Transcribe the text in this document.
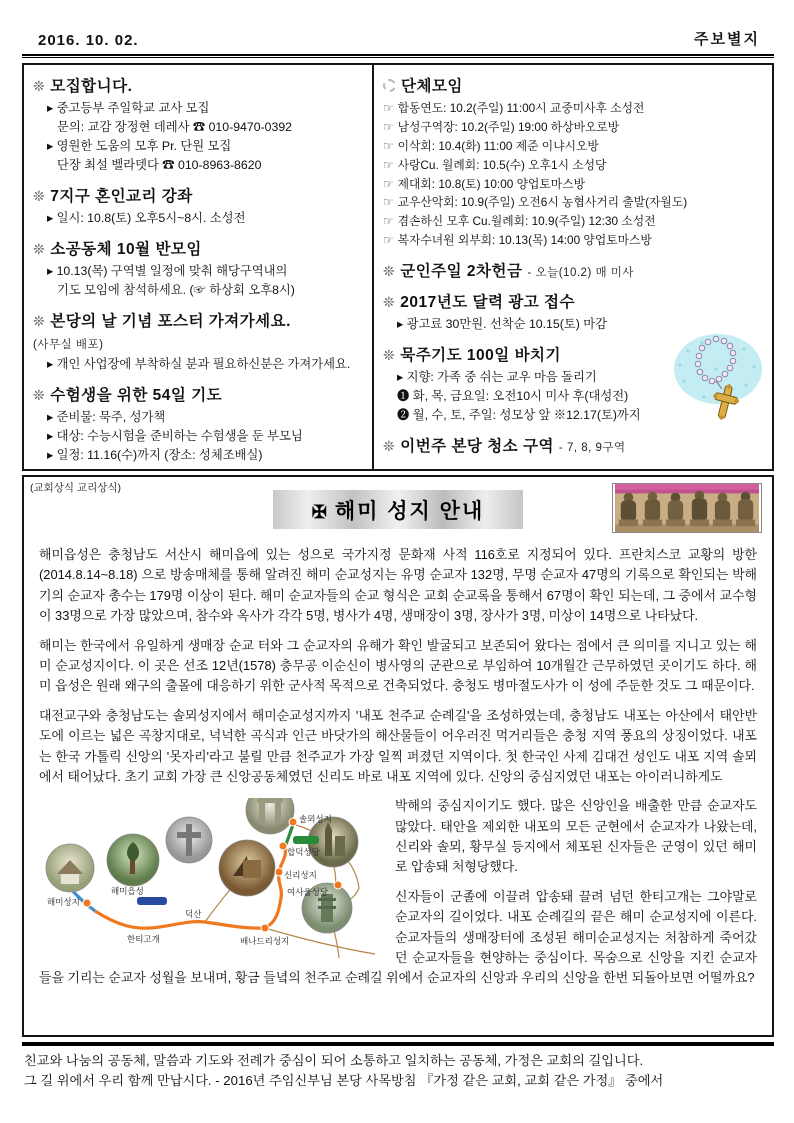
2016. 10. 02.	주보별지
❊ 모집합니다.
▸ 중고등부 주일학교 교사 모집
문의: 교감 장정현 데레사 ☎ 010-9470-0392
▸ 영원한 도움의 모후 Pr. 단원 모집
단장 최설 벨라뎃다 ☎ 010-8963-8620
❊ 7지구 혼인교리 강좌
▸ 일시: 10.8(토) 오후5시~8시. 소성전
❊ 소공동체 10월 반모임
▸ 10.13(목) 구역별 일정에 맞춰 해당구역내의
기도 모임에 참석하세요. (☞ 하상회 오후8시)
❊ 본당의 날 기념 포스터 가져가세요.
(사무실 배포)
▸ 개인 사업장에 부착하실 분과 필요하신분은 가져가세요.
❊ 수험생을 위한 54일 기도
▸ 준비물: 묵주, 성가책
▸ 대상: 수능시험을 준비하는 수험생을 둔 부모님
▸ 일정: 11.16(수)까지 (장소: 성체조배실)
단체모임
☞ 합동연도: 10.2(주일) 11:00시 교중미사후 소성전
☞ 남성구역장: 10.2(주일) 19:00 하상바오로방
☞ 이삭회: 10.4(화) 11:00 제준 이냐시오방
☞ 사랑Cu. 월례회: 10.5(수) 오후1시 소성당
☞ 제대회: 10.8(토) 10:00 양업토마스방
☞ 교우산악회: 10.9(주일) 오전6시 농협사거리 출발(자월도)
☞ 겸손하신 모후 Cu.월례회: 10.9(주일) 12:30 소성전
☞ 복자수녀원 외부회: 10.13(목) 14:00 양업토마스방
❊ 군인주일 2차헌금 - 오늘(10.2) 매 미사
❊ 2017년도 달력 광고 접수
▸ 광고료 30만원. 선착순 10.15(토) 마감
❊ 묵주기도 100일 바치기
▸ 지향: 가족 중 쉬는 교우 마음 돌리기
❶ 화, 목, 금요일: 오전10시 미사 후(대성전)
❷ 월, 수, 토, 주일: 성모상 앞 ※12.17(토)까지
❊ 이번주 본당 청소 구역 - 7, 8, 9구역
(교회상식 교리상식)
✠ 해미 성지 안내

해미읍성은 충청남도 서산시 해미읍에 있는 성으로 국가지정 문화재 사적 116호로 지정되어 있다. 프란치스코 교황의 방한(2014.8.14~8.18) 으로 방송매체를 통해 알려진 해미 순교성지는 유명 순교자 132명, 무명 순교자 47명의 기록으로 확인되는 박해기의 순교자 총수는 179명 이상이 된다. 해미 순교자들의 순교 형식은 교회 순교록을 통해서 67명이 확인 되는데, 그 중에서 교수형이 33명으로 가장 많았으며, 참수와 옥사가 각각 5명, 병사가 4명, 생매장이 3명, 장사가 3명, 미상이 14명으로 나타났다.

해미는 한국에서 유일하게 생매장 순교 터와 그 순교자의 유해가 확인 발굴되고 보존되어 왔다는 점에서 큰 의미를 지니고 있는 해미 순교성지이다. 이 곳은 선조 12년(1578) 충무공 이순신이 병사영의 군관으로 부임하여 10개월간 근무하였던 곳이기도 하다. 해미 읍성은 원래 왜구의 출몰에 대응하기 위한 군사적 목적으로 건축되었다. 충청도 병마절도사가 이 성에 주둔한 것도 그 때문이다.

대전교구와 충청남도는 솔뫼성지에서 해미순교성지까지 '내포 천주교 순례길'을 조성하였는데, 충청남도 내포는 아산에서 태안반도에 이르는 넓은 곡창지대로, 넉넉한 곡식과 인근 바닷가의 해산물들이 어우러진 먹거리들은 충청 지역 풍요의 상징이었다. 내포는 한국 가톨릭 신앙의 '못자리'라고 불릴 만큼 천주교가 가장 일찍 퍼졌던 지역이다. 첫 한국인 사제 김대건 성인도 내포 지역 솔뫼에서 태어났다. 초기 교회 가장 큰 신앙공동체였던 신리도 바로 내포 지역에 있다. 신앙의 중심지였던 내포는 아이러니하게도

솔뫼성지
합덕성당
신리성지
여사울성당
해미읍성
해미성지
덕산
한티고개	배나드리성지

박해의 중심지이기도 했다. 많은 신앙인을 배출한 만큼 순교자도 많았다. 태안을 제외한 내포의 모든 군현에서 순교자가 나왔는데, 신리와 솔뫼, 황무실 등지에서 체포된 신자들은 군영이 있던 해미로 압송돼 처형당했다.

신자들이 군졸에 이끌려 압송돼 끌려 넘던 한티고개는 그야말로 순교자의 길이었다. 내포 순례길의 끝은 해미 순교성지에 이른다. 순교자들의 생매장터에 조성된 해미순교성지는 처참하게 죽어갔던 순교자들을 현양하는 중심이다. 목숨으로 신앙을 지킨 순교자들을 기리는 순교자 성월을 보내며, 황금 들녘의 천주교 순례길 위에서 순교자의 신앙과 우리의 신앙을 한번 되돌아보면 어떨까요?

친교와 나눔의 공동체, 말씀과 기도와 전례가 중심이 되어 소통하고 일치하는 공동체, 가정은 교회의 길입니다.
그 길 위에서 우리 함께 만납시다. - 2016년 주임신부님 본당 사목방침 『가정 같은 교회, 교회 같은 가정』 중에서
